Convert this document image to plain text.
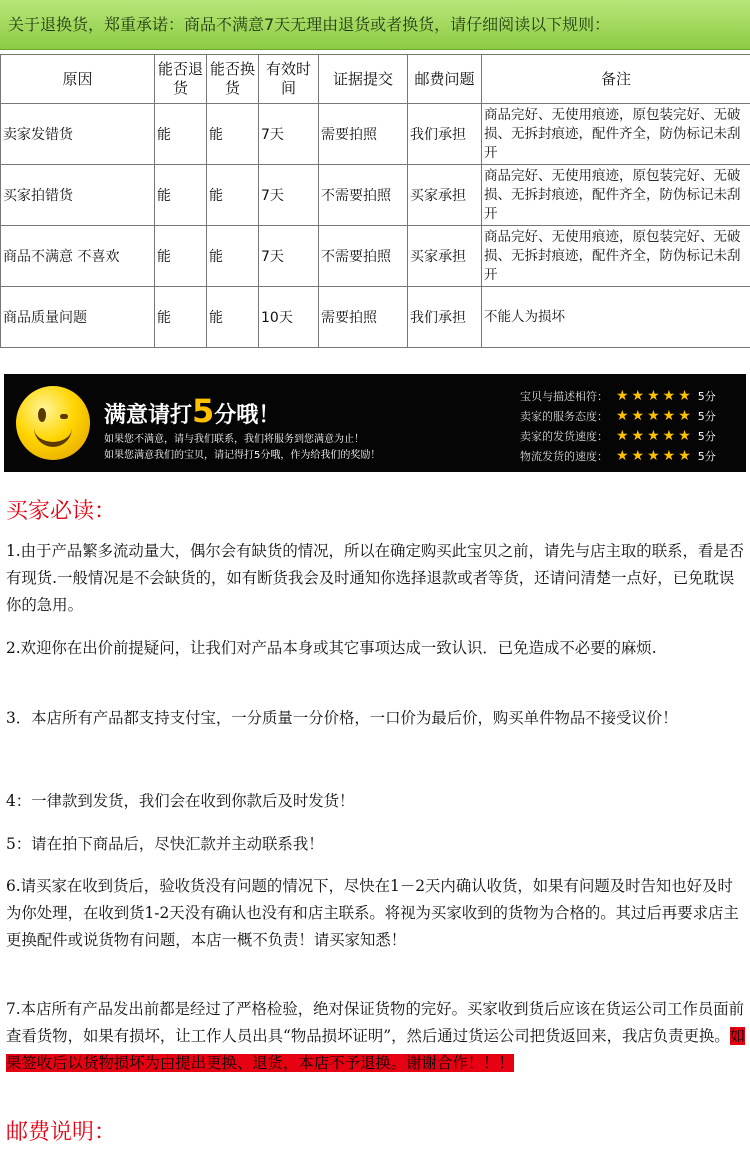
关于退换货，郑重承诺：商品不满意7天无理由退货或者换货，请仔细阅读以下规则：
原因	能否退货	能否换货	有效时间	证据提交	邮费问题	备注
卖家发错货	能	能	7天	需要拍照	我们承担	商品完好、无使用痕迹，原包装完好、无破损、无拆封痕迹，配件齐全，防伪标记未刮开
买家拍错货	能	能	7天	不需要拍照	买家承担	商品完好、无使用痕迹，原包装完好、无破损、无拆封痕迹，配件齐全，防伪标记未刮开
商品不满意 不喜欢	能	能	7天	不需要拍照	买家承担	商品完好、无使用痕迹，原包装完好、无破损、无拆封痕迹，配件齐全，防伪标记未刮开
商品质量问题	能	能	10天	需要拍照	我们承担	不能人为损坏
满意请打5分哦！
如果您不满意，请与我们联系，我们将服务到您满意为止！
如果您满意我们的宝贝，请记得打5分哦，作为给我们的奖励！
宝贝与描述相符： ★★★★★ 5分
卖家的服务态度： ★★★★★ 5分
卖家的发货速度： ★★★★★ 5分
物流发货的速度： ★★★★★ 5分
买家必读：
1.由于产品繁多流动量大，偶尔会有缺货的情况，所以在确定购买此宝贝之前，请先与店主取的联系，看是否有现货.一般情况是不会缺货的，如有断货我会及时通知你选择退款或者等货，还请问清楚一点好，已免耽误你的急用。
2.欢迎你在出价前提疑问，让我们对产品本身或其它事项达成一致认识．已免造成不必要的麻烦.
3．本店所有产品都支持支付宝，一分质量一分价格，一口价为最后价，购买单件物品不接受议价！
4：一律款到发货，我们会在收到你款后及时发货！
5：请在拍下商品后，尽快汇款并主动联系我！
6.请买家在收到货后，验收货没有问题的情况下，尽快在1－2天内确认收货，如果有问题及时告知也好及时为你处理，在收到货1-2天没有确认也没有和店主联系。将视为买家收到的货物为合格的。其过后再要求店主更换配件或说货物有问题，本店一概不负责！请买家知悉！
7.本店所有产品发出前都是经过了严格检验，绝对保证货物的完好。买家收到货后应该在货运公司工作员面前查看货物，如果有损坏，让工作人员出具“物品损坏证明”，然后通过货运公司把货返回来，我店负责更换。如果签收后以货物损坏为由提出更换、退货，本店不予退换。谢谢合作！！！
邮费说明：
